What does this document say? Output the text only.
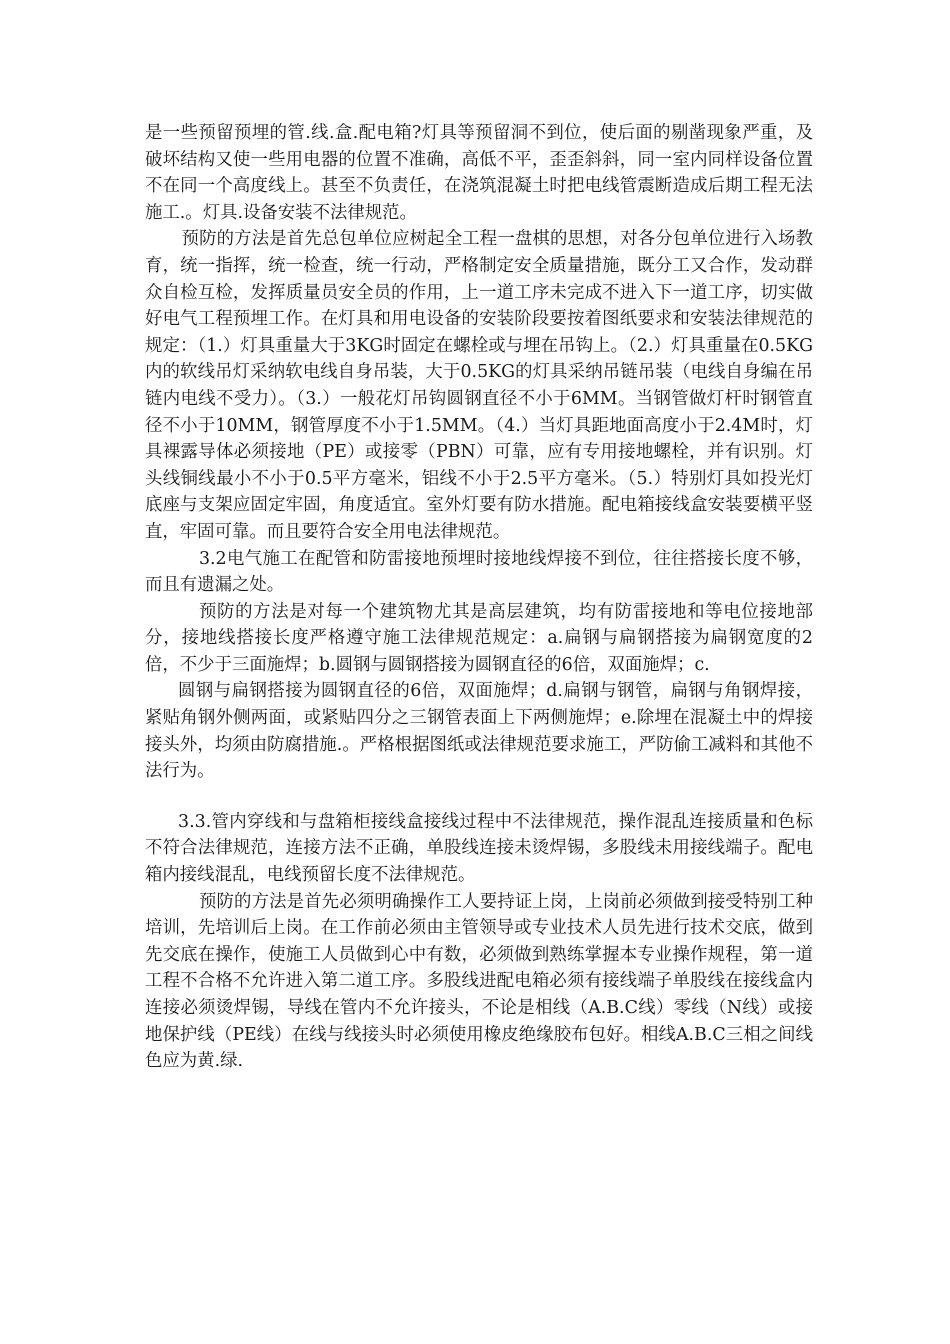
是一些预留预埋的管.线.盒.配电箱?灯具等预留洞不到位，使后面的剔凿现象严重，及破坏结构又使一些用电器的位置不准确，高低不平，歪歪斜斜，同一室内同样设备位置不在同一个高度线上。甚至不负责任，在浇筑混凝土时把电线管震断造成后期工程无法施工.。灯具.设备安装不法律规范。

预防的方法是首先总包单位应树起全工程一盘棋的思想，对各分包单位进行入场教育，统一指挥，统一检查，统一行动，严格制定安全质量措施，既分工又合作，发动群众自检互检，发挥质量员安全员的作用，上一道工序未完成不进入下一道工序，切实做好电气工程预埋工作。在灯具和用电设备的安装阶段要按着图纸要求和安装法律规范的规定：（1.）灯具重量大于3KG时固定在螺栓或与埋在吊钩上。（2.）灯具重量在0.5KG内的软线吊灯采纳软电线自身吊装，大于0.5KG的灯具采纳吊链吊装（电线自身编在吊链内电线不受力）。（3.）一般花灯吊钩圆钢直径不小于6MM。当钢管做灯杆时钢管直径不小于10MM，钢管厚度不小于1.5MM。（4.）当灯具距地面高度小于2.4M时，灯具裸露导体必须接地（PE）或接零（PBN）可靠，应有专用接地螺栓，并有识别。灯头线铜线最小不小于0.5平方毫米，铝线不小于2.5平方毫米。（5.）特别灯具如投光灯底座与支架应固定牢固，角度适宜。室外灯要有防水措施。配电箱接线盒安装要横平竖直，牢固可靠。而且要符合安全用电法律规范。

3.2电气施工在配管和防雷接地预埋时接地线焊接不到位，往往搭接长度不够，而且有遗漏之处。

预防的方法是对每一个建筑物尤其是高层建筑，均有防雷接地和等电位接地部分，接地线搭接长度严格遵守施工法律规范规定：a.扁钢与扁钢搭接为扁钢宽度的2倍，不少于三面施焊；b.圆钢与圆钢搭接为圆钢直径的6倍，双面施焊；c.

圆钢与扁钢搭接为圆钢直径的6倍，双面施焊；d.扁钢与钢管，扁钢与角钢焊接，紧贴角钢外侧两面，或紧贴四分之三钢管表面上下两侧施焊；e.除埋在混凝土中的焊接接头外，均须由防腐措施.。严格根据图纸或法律规范要求施工，严防偷工减料和其他不法行为。

3.3.管内穿线和与盘箱柜接线盒接线过程中不法律规范，操作混乱连接质量和色标不符合法律规范，连接方法不正确，单股线连接未烫焊锡，多股线未用接线端子。配电箱内接线混乱，电线预留长度不法律规范。

预防的方法是首先必须明确操作工人要持证上岗，上岗前必须做到接受特别工种培训，先培训后上岗。在工作前必须由主管领导或专业技术人员先进行技术交底，做到先交底在操作，使施工人员做到心中有数，必须做到熟练掌握本专业操作规程，第一道工程不合格不允许进入第二道工序。多股线进配电箱必须有接线端子单股线在接线盒内连接必须烫焊锡，导线在管内不允许接头，不论是相线（A.B.C线）零线（N线）或接地保护线（PE线）在线与线接头时必须使用橡皮绝缘胶布包好。相线A.B.C三相之间线色应为黄.绿.
